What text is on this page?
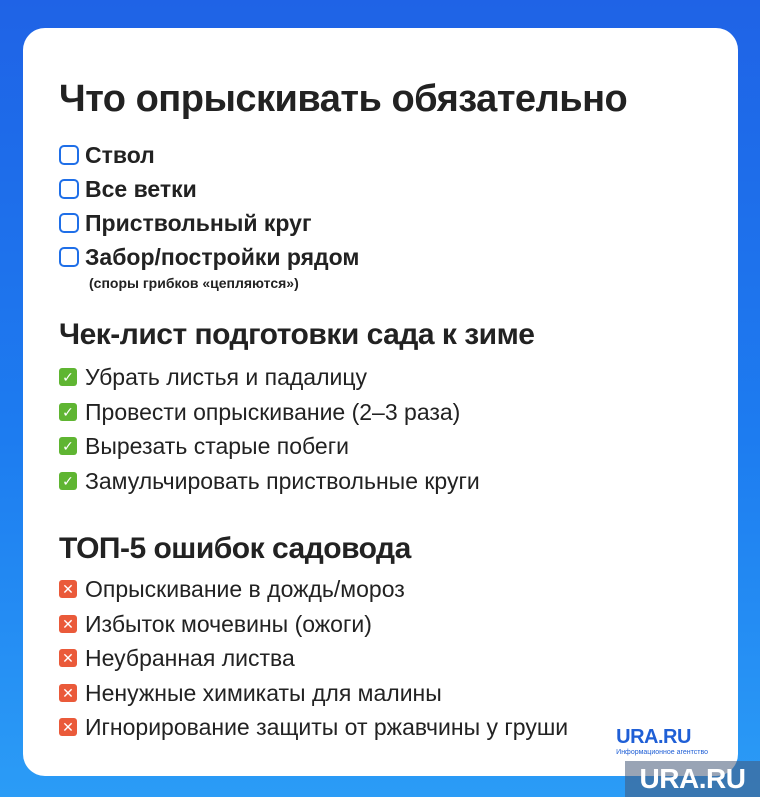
Что опрыскивать обязательно
Ствол
Все ветки
Приствольный круг
Забор/постройки рядом
(споры грибков «цепляются»)
Чек-лист подготовки сада к зиме
✓ Убрать листья и падалицу
✓ Провести опрыскивание (2–3 раза)
✓ Вырезать старые побеги
✓ Замульчировать приствольные круги
ТОП-5 ошибок садовода
✕ Опрыскивание в дождь/мороз
✕ Избыток мочевины (ожоги)
✕ Неубранная листва
✕ Ненужные химикаты для малины
✕ Игнорирование защиты от ржавчины у груши URA.RU
Информационное агентство
URA.RU
